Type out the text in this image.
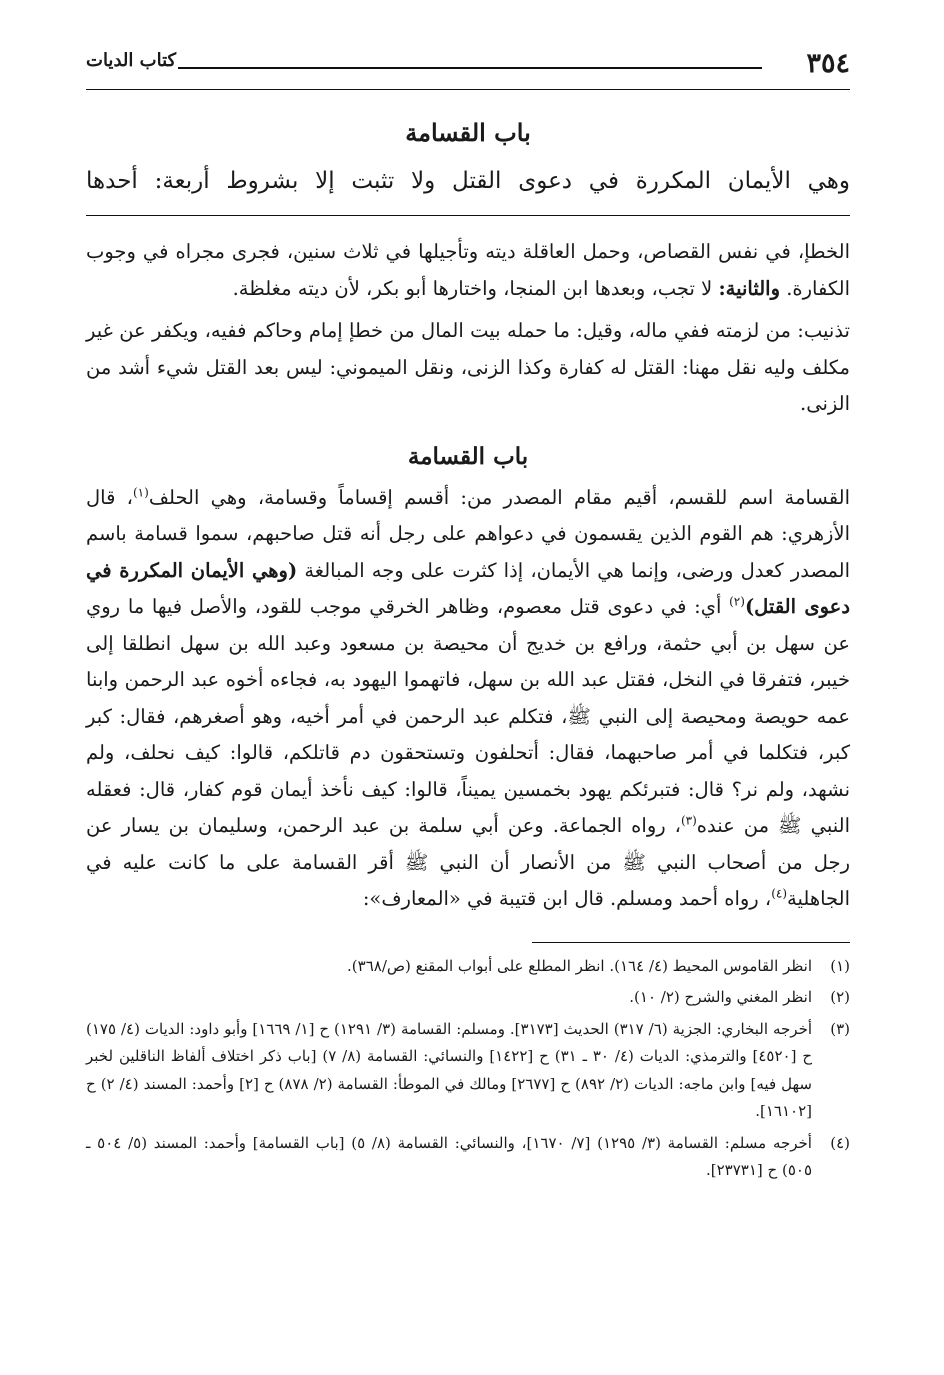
٣٥٤
كتاب الديات
باب القسامة

وهي الأيمان المكررة في دعوى القتل ولا تثبت إلا بشروط أربعة: أحدها

الخطإ، في نفس القصاص، وحمل العاقلة ديته وتأجيلها في ثلاث سنين، فجرى مجراه في وجوب الكفارة. والثانية: لا تجب، وبعدها ابن المنجا، واختارها أبو بكر، لأن ديته مغلظة.

تذنيب: من لزمته ففي ماله، وقيل: ما حمله بيت المال من خطإ إمام وحاكم ففيه، ويكفر عن غير مكلف وليه نقل مهنا: القتل له كفارة وكذا الزنى، ونقل الميموني: ليس بعد القتل شيء أشد من الزنى.

باب القسامة

القسامة اسم للقسم، أقيم مقام المصدر من: أقسم إقساماً وقسامة، وهي الحلف$^{(١)}$، قال الأزهري: هم القوم الذين يقسمون في دعواهم على رجل أنه قتل صاحبهم، سموا قسامة باسم المصدر كعدل ورضى، وإنما هي الأيمان، إذا كثرت على وجه المبالغة (وهي الأيمان المكررة في دعوى القتل)$^{(٢)}$ أي: في دعوى قتل معصوم، وظاهر الخرقي موجب للقود، والأصل فيها ما روي عن سهل بن أبي حثمة، ورافع بن خديج أن محيصة بن مسعود وعبد الله بن سهل انطلقا إلى خيبر، فتفرقا في النخل، فقتل عبد الله بن سهل، فاتهموا اليهود به، فجاءه أخوه عبد الرحمن وابنا عمه حويصة ومحيصة إلى النبي ﷺ، فتكلم عبد الرحمن في أمر أخيه، وهو أصغرهم، فقال: كبر كبر، فتكلما في أمر صاحبهما، فقال: أتحلفون وتستحقون دم قاتلكم، قالوا: كيف نحلف، ولم نشهد، ولم نر؟ قال: فتبرئكم يهود بخمسين يميناً، قالوا: كيف نأخذ أيمان قوم كفار، قال: فعقله النبي ﷺ من عنده$^{(٣)}$، رواه الجماعة. وعن أبي سلمة بن عبد الرحمن، وسليمان بن يسار عن رجل من أصحاب النبي ﷺ من الأنصار أن النبي ﷺ أقر القسامة على ما كانت عليه في الجاهلية$^{(٤)}$، رواه أحمد ومسلم. قال ابن قتيبة في «المعارف»:

(١)
انظر القاموس المحيط (٤/ ١٦٤). انظر المطلع على أبواب المقنع (ص/٣٦٨).
(٢)
انظر المغني والشرح (٢/ ١٠).
(٣)
أخرجه البخاري: الجزية (٦/ ٣١٧) الحديث [٣١٧٣]. ومسلم: القسامة (٣/ ١٢٩١) ح [١/ ١٦٦٩] وأبو داود: الديات (٤/ ١٧٥) ح [٤٥٢٠] والترمذي: الديات (٤/ ٣٠ ـ ٣١) ح [١٤٢٢] والنسائي: القسامة (٨/ ٧) [باب ذكر اختلاف ألفاظ الناقلين لخبر سهل فيه] وابن ماجه: الديات (٢/ ٨٩٢) ح [٢٦٧٧] ومالك في الموطأ: القسامة (٢/ ٨٧٨) ح [٢] وأحمد: المسند (٤/ ٢) ح [١٦١٠٢].
(٤)
أخرجه مسلم: القسامة (٣/ ١٢٩٥) [٧/ ١٦٧٠]، والنسائي: القسامة (٨/ ٥) [باب القسامة] وأحمد: المسند (٥/ ٥٠٤ ـ ٥٠٥) ح [٢٣٧٣١].
